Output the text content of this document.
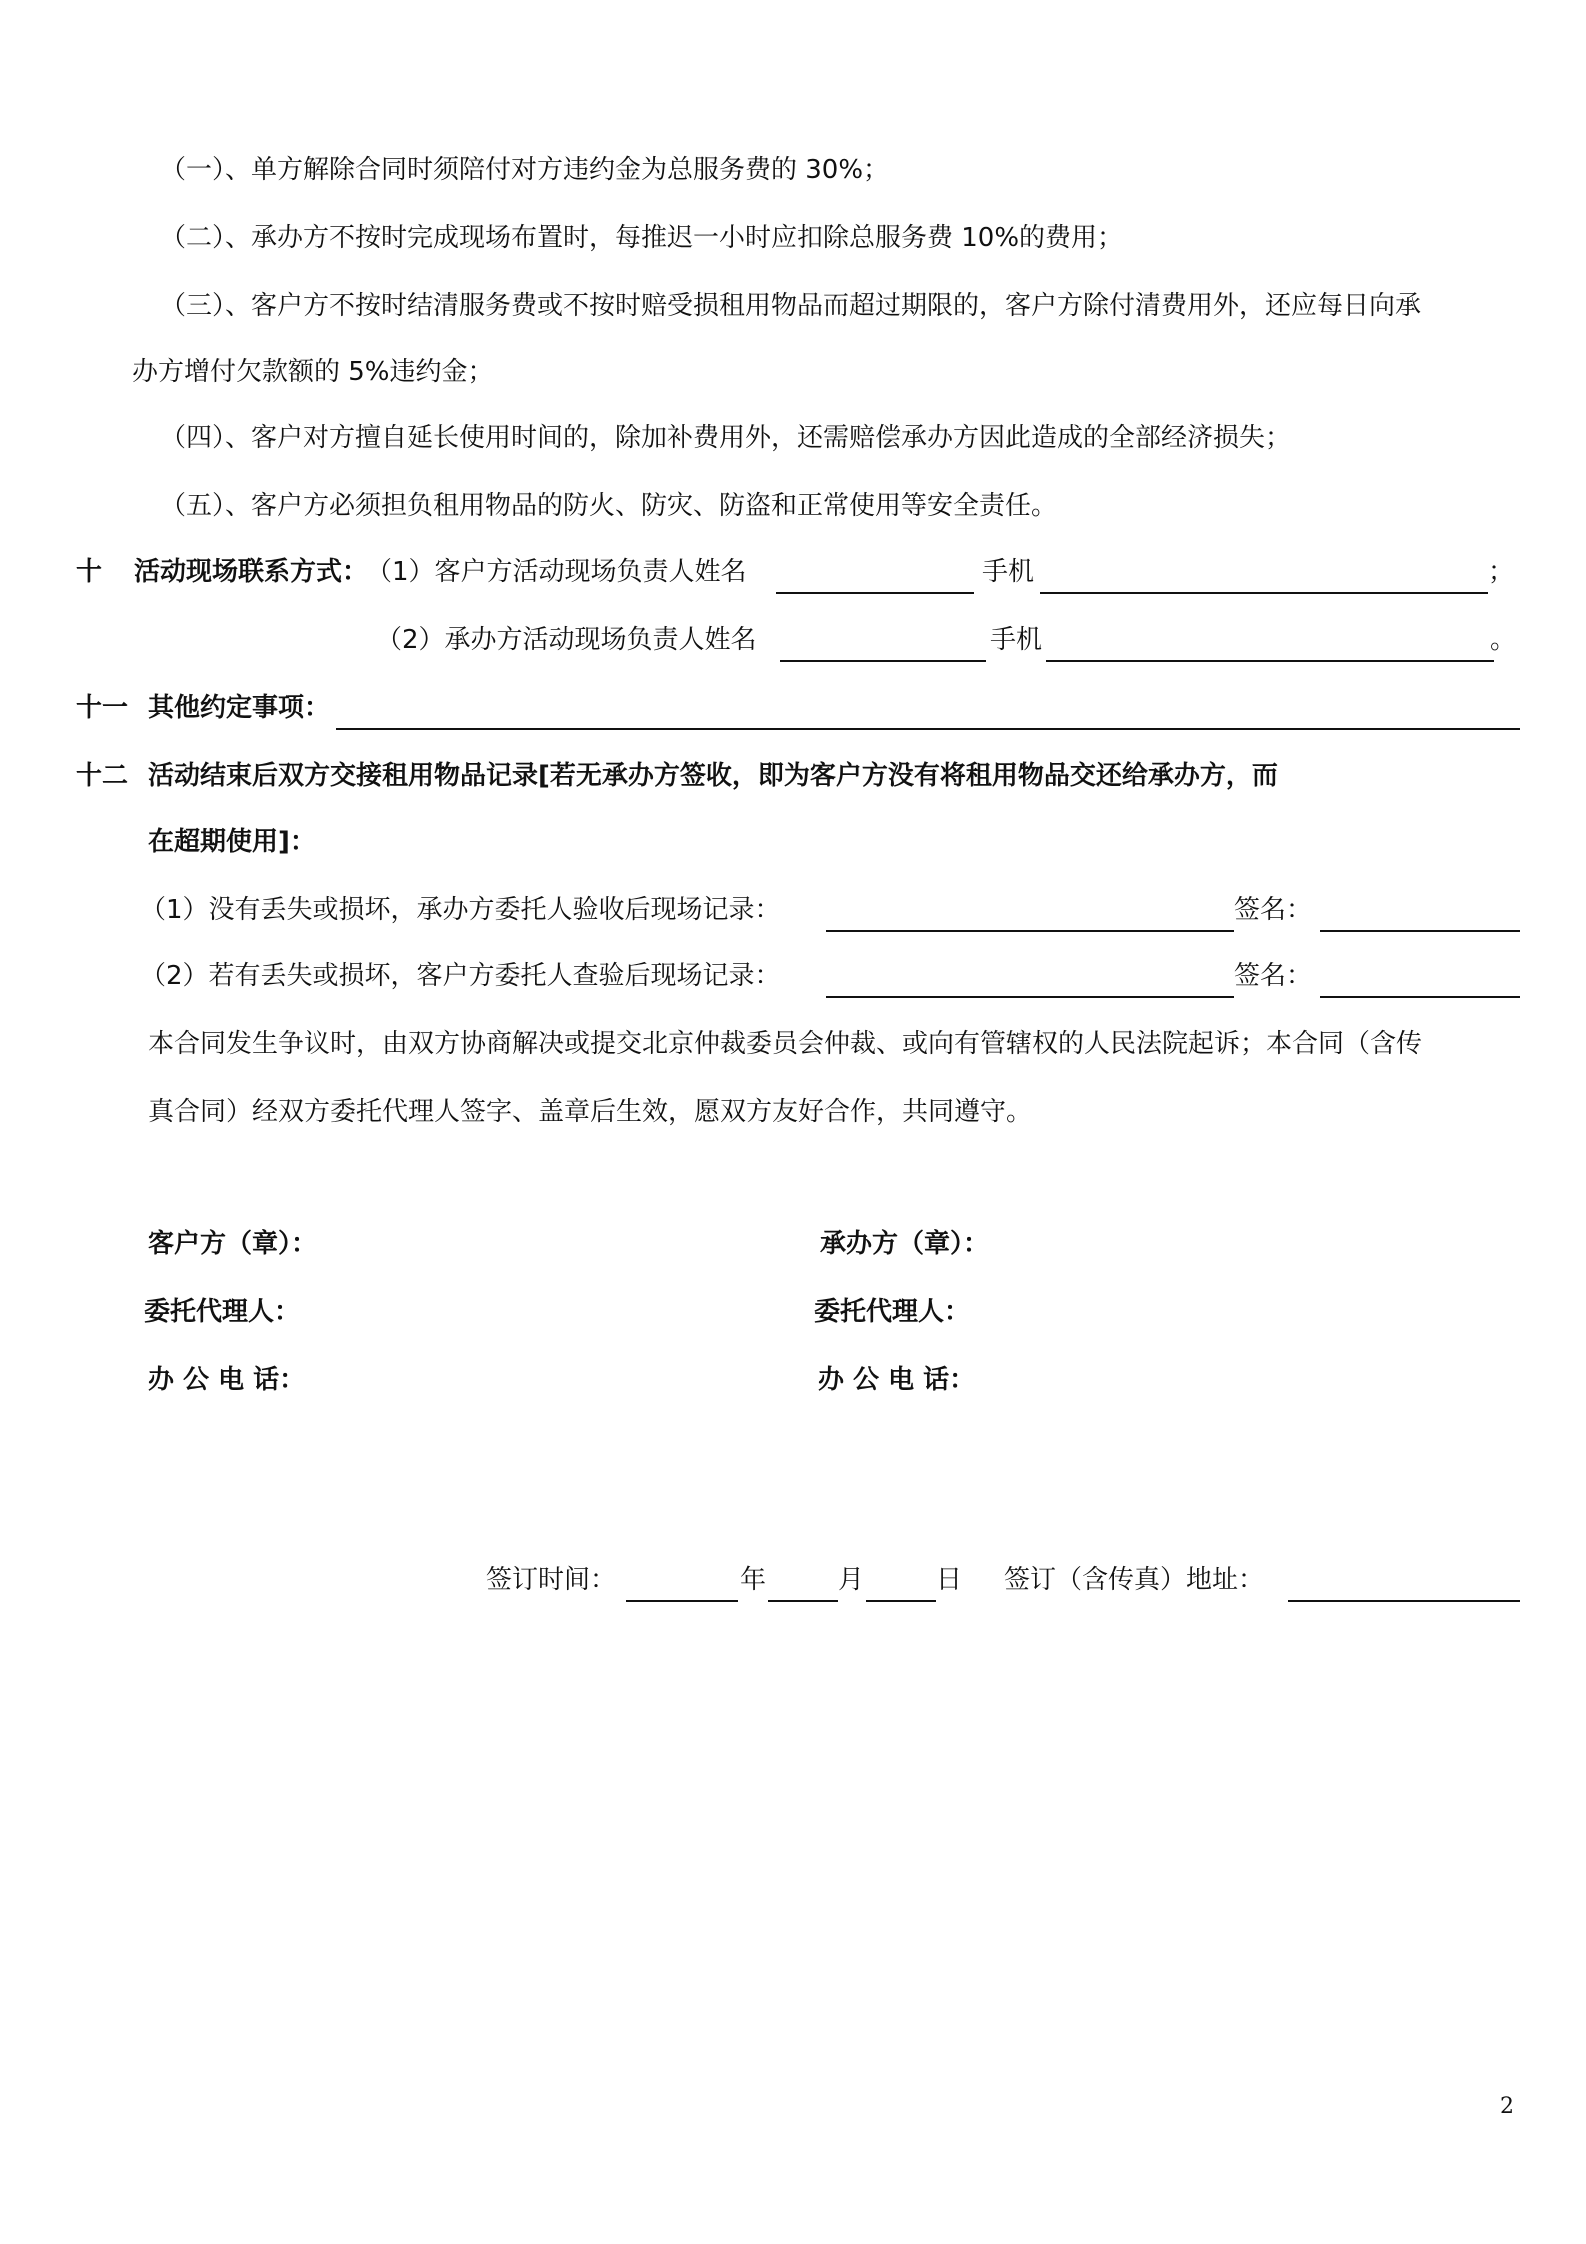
（一）、单方解除合同时须陪付对方违约金为总服务费的 30%；
（二）、承办方不按时完成现场布置时，每推迟一小时应扣除总服务费 10%的费用；
（三）、客户方不按时结清服务费或不按时赔受损租用物品而超过期限的，客户方除付清费用外，还应每日向承
办方增付欠款额的 5%违约金；
（四）、客户对方擅自延长使用时间的，除加补费用外，还需赔偿承办方因此造成的全部经济损失；
（五）、客户方必须担负租用物品的防火、防灾、防盗和正常使用等安全责任。
十 活动现场联系方式：
（1）客户方活动现场负责人姓名	手机	；
（2）承办方活动现场负责人姓名	手机	。
十一 其他约定事项：
十二 活动结束后双方交接租用物品记录[若无承办方签收，即为客户方没有将租用物品交还给承办方，而
在超期使用]：
（1）没有丢失或损坏，承办方委托人验收后现场记录：	签名：
（2）若有丢失或损坏，客户方委托人查验后现场记录：	签名：
本合同发生争议时，由双方协商解决或提交北京仲裁委员会仲裁、或向有管辖权的人民法院起诉；本合同（含传
真合同）经双方委托代理人签字、盖章后生效，愿双方友好合作，共同遵守。
客户方（章）：	承办方（章）：
委托代理人：	委托代理人：
办 公 电 话：	办 公 电 话：
签订时间：	年	月	日 签订（含传真）地址：
2
